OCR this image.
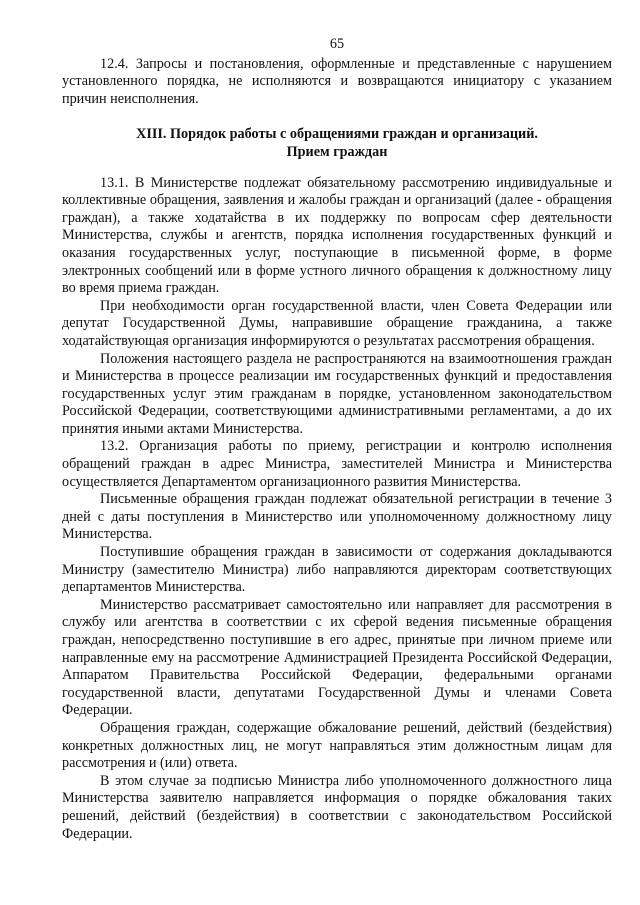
65

12.4. Запросы и постановления, оформленные и представленные с нарушением установленного порядка, не исполняются и возвращаются инициатору с указанием причин неисполнения.

XIII. Порядок работы с обращениями граждан и организаций.
Прием граждан

13.1. В Министерстве подлежат обязательному рассмотрению индивидуальные и коллективные обращения, заявления и жалобы граждан и организаций (далее - обращения граждан), а также ходатайства в их поддержку по вопросам сфер деятельности Министерства, службы и агентств, порядка исполнения государственных функций и оказания государственных услуг, поступающие в письменной форме, в форме электронных сообщений или в форме устного личного обращения к должностному лицу во время приема граждан.

При необходимости орган государственной власти, член Совета Федерации или депутат Государственной Думы, направившие обращение гражданина, а также ходатайствующая организация информируются о результатах рассмотрения обращения.

Положения настоящего раздела не распространяются на взаимоотношения граждан и Министерства в процессе реализации им государственных функций и предоставления государственных услуг этим гражданам в порядке, установленном законодательством Российской Федерации, соответствующими административными регламентами, а до их принятия иными актами Министерства.

13.2. Организация работы по приему, регистрации и контролю исполнения обращений граждан в адрес Министра, заместителей Министра и Министерства осуществляется Департаментом организационного развития Министерства.

Письменные обращения граждан подлежат обязательной регистрации в течение 3 дней с даты поступления в Министерство или уполномоченному должностному лицу Министерства.

Поступившие обращения граждан в зависимости от содержания докладываются Министру (заместителю Министра) либо направляются директорам соответствующих департаментов Министерства.

Министерство рассматривает самостоятельно или направляет для рассмотрения в службу или агентства в соответствии с их сферой ведения письменные обращения граждан, непосредственно поступившие в его адрес, принятые при личном приеме или направленные ему на рассмотрение Администрацией Президента Российской Федерации, Аппаратом Правительства Российской Федерации, федеральными органами государственной власти, депутатами Государственной Думы и членами Совета Федерации.

Обращения граждан, содержащие обжалование решений, действий (бездействия) конкретных должностных лиц, не могут направляться этим должностным лицам для рассмотрения и (или) ответа.

В этом случае за подписью Министра либо уполномоченного должностного лица Министерства заявителю направляется информация о порядке обжалования таких решений, действий (бездействия) в соответствии с законодательством Российской Федерации.
